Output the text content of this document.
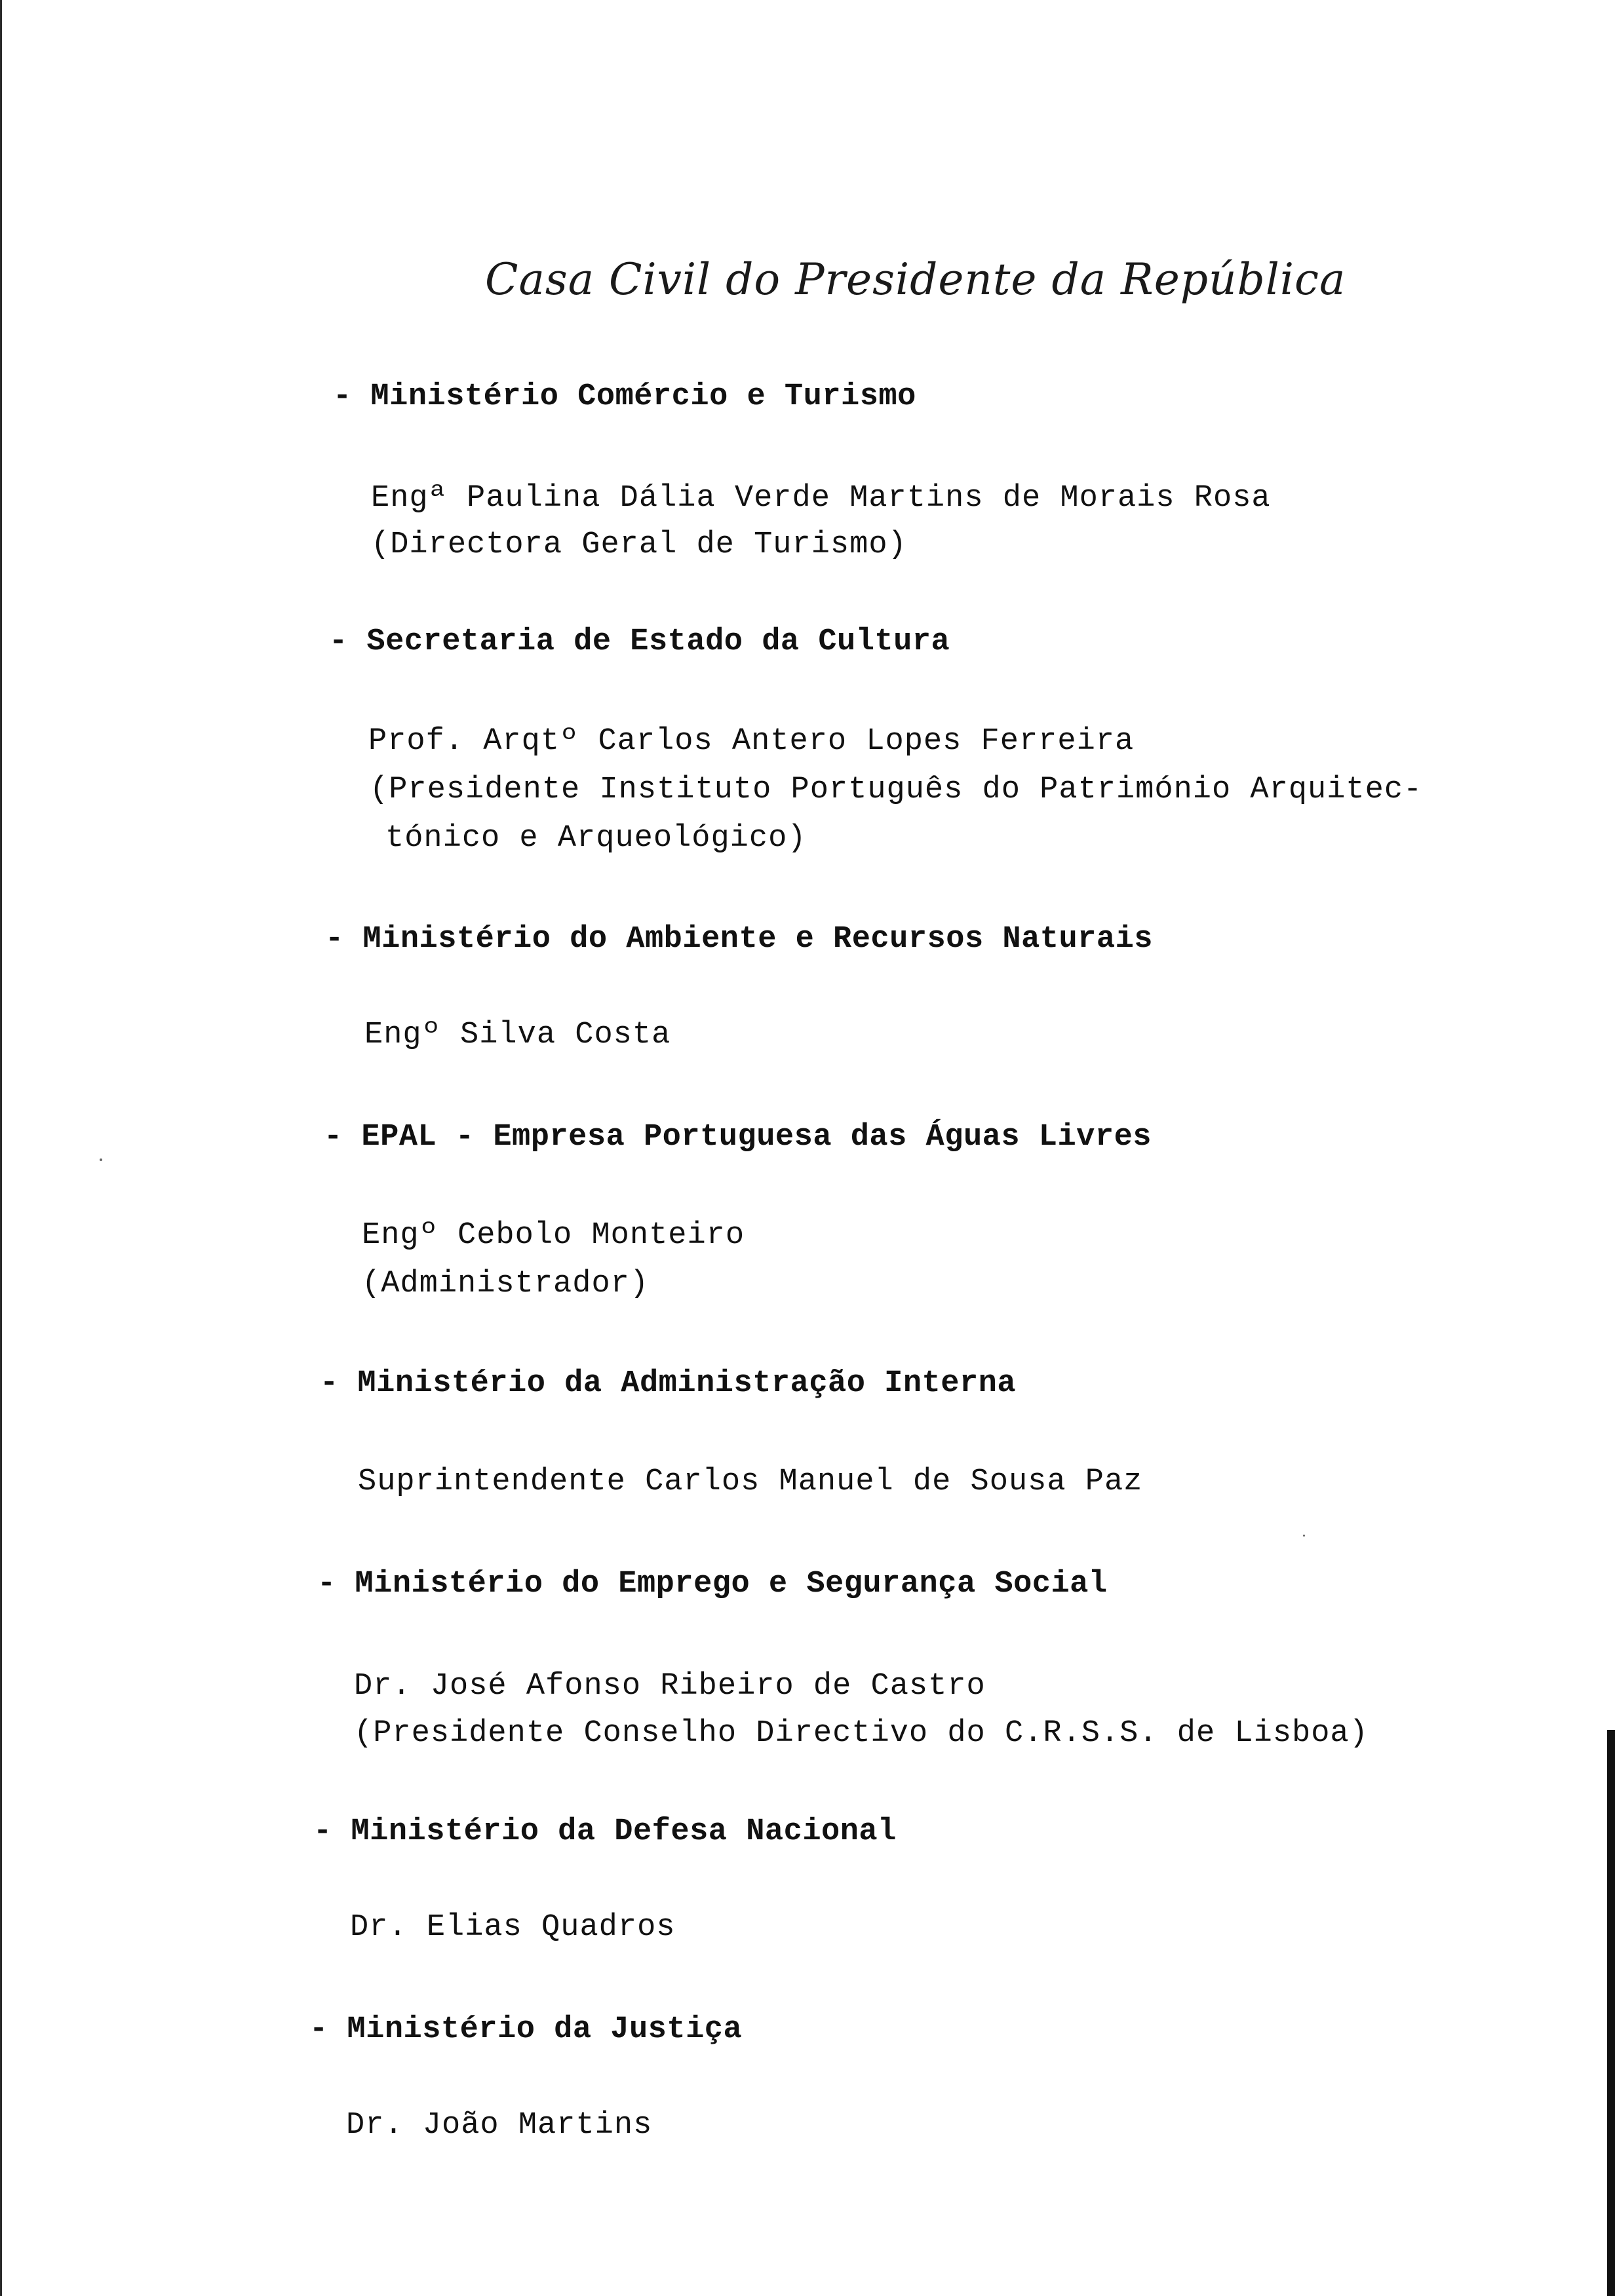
Casa Civil do Presidente da República
- Ministério Comércio e Turismo
Engª Paulina Dália Verde Martins de Morais Rosa
(Directora Geral de Turismo)
- Secretaria de Estado da Cultura
Prof. Arqtº Carlos Antero Lopes Ferreira
(Presidente Instituto Português do Património Arquitec-
tónico e Arqueológico)
- Ministério do Ambiente e Recursos Naturais
Engº Silva Costa
- EPAL - Empresa Portuguesa das Águas Livres
Engº Cebolo Monteiro
(Administrador)
- Ministério da Administração Interna
Suprintendente Carlos Manuel de Sousa Paz
- Ministério do Emprego e Segurança Social
Dr. José Afonso Ribeiro de Castro
(Presidente Conselho Directivo do C.R.S.S. de Lisboa)
- Ministério da Defesa Nacional
Dr. Elias Quadros
- Ministério da Justiça
Dr. João Martins
